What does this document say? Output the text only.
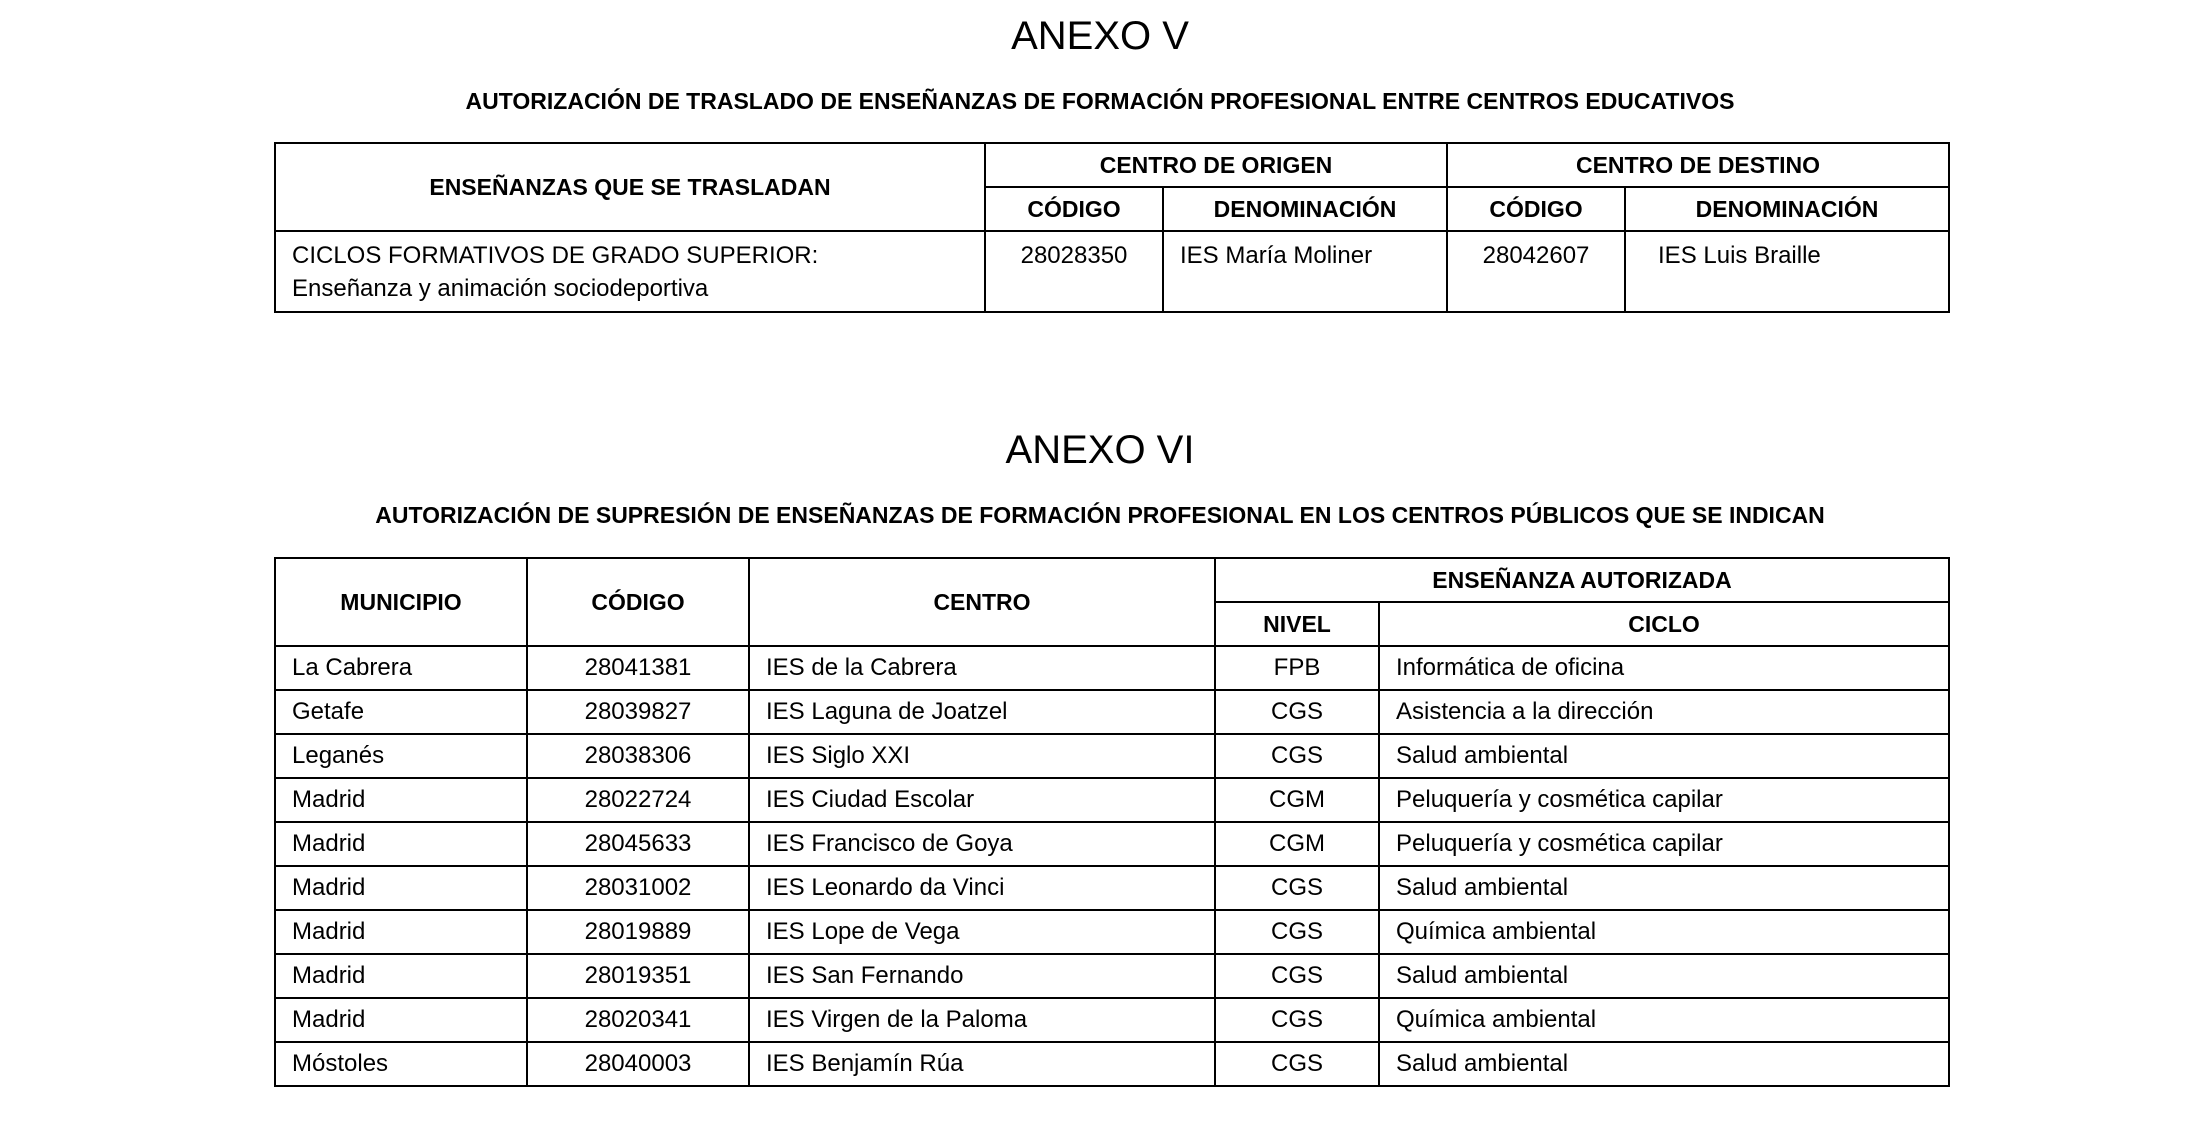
ANEXO V
AUTORIZACIÓN DE TRASLADO DE ENSEÑANZAS DE FORMACIÓN PROFESIONAL ENTRE CENTROS EDUCATIVOS
ENSEÑANZAS QUE SE TRASLADAN	CENTRO DE ORIGEN		CENTRO DE DESTINO	
	CÓDIGO	DENOMINACIÓN	CÓDIGO	DENOMINACIÓN

CICLOS FORMATIVOS DE GRADO SUPERIOR:
Enseñanza y animación sociodeportiva	28028350	IES María Moliner	28042607	IES Luis Braille
ANEXO VI
AUTORIZACIÓN DE SUPRESIÓN DE ENSEÑANZAS DE FORMACIÓN PROFESIONAL EN LOS CENTROS PÚBLICOS QUE SE INDICAN
MUNICIPIO	CÓDIGO	CENTRO	ENSEÑANZA AUTORIZADA	
			NIVEL	CICLO
La Cabrera	28041381	IES de la Cabrera	FPB	Informática de oficina
Getafe	28039827	IES Laguna de Joatzel	CGS	Asistencia a la dirección
Leganés	28038306	IES Siglo XXI	CGS	Salud ambiental
Madrid	28022724	IES Ciudad Escolar	CGM	Peluquería y cosmética capilar
Madrid	28045633	IES Francisco de Goya	CGM	Peluquería y cosmética capilar
Madrid	28031002	IES Leonardo da Vinci	CGS	Salud ambiental
Madrid	28019889	IES Lope de Vega	CGS	Química ambiental
Madrid	28019351	IES San Fernando	CGS	Salud ambiental
Madrid	28020341	IES Virgen de la Paloma	CGS	Química ambiental
Móstoles	28040003	IES Benjamín Rúa	CGS	Salud ambiental
